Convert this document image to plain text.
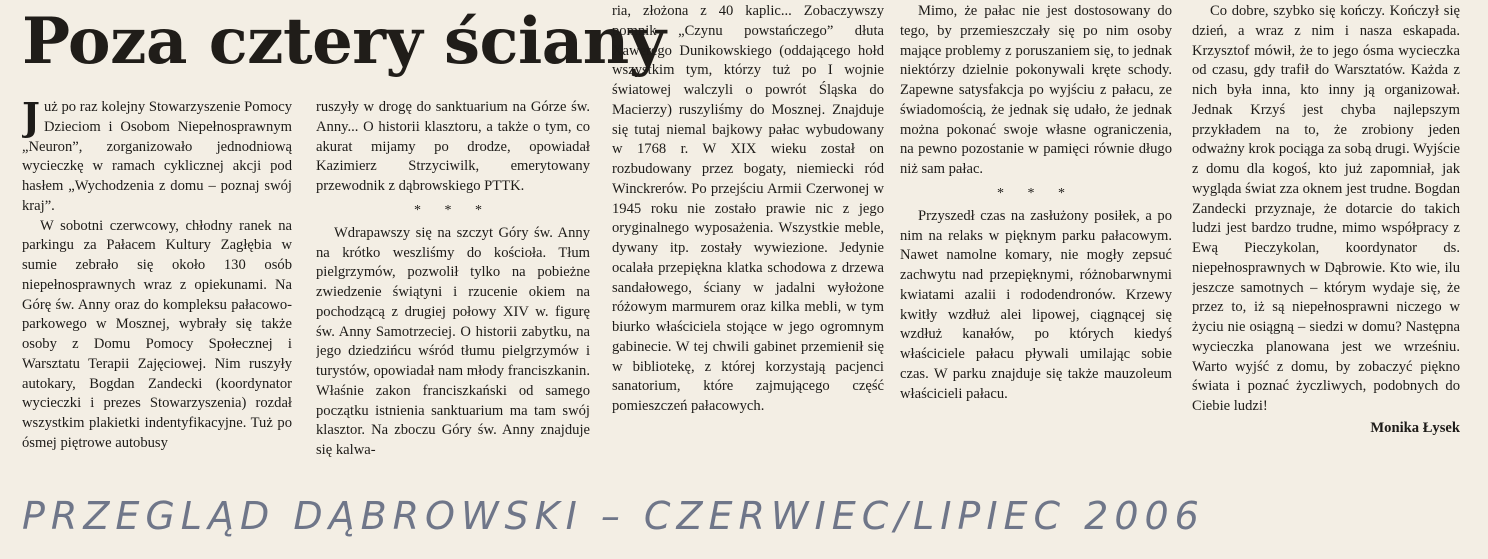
Poza cztery ściany

Już po raz kolejny Stowarzyszenie Pomocy Dzieciom i Osobom Niepełnosprawnym „Neuron”, zorganizowało jednodniową wycieczkę w ramach cyklicznej akcji pod hasłem „Wychodzenia z domu – poznaj swój kraj”.

W sobotni czerwcowy, chłodny ranek na parkingu za Pałacem Kultury Zagłębia w sumie zebrało się około 130 osób niepełnosprawnych wraz z opiekunami. Na Górę św. Anny oraz do kompleksu pałacowo-parkowego w Mosznej, wybrały się także osoby z Domu Pomocy Społecznej i Warsztatu Terapii Zajęciowej. Nim ruszyły autokary, Bogdan Zandecki (koordynator wycieczki i prezes Stowarzyszenia) rozdał wszystkim plakietki indentyfikacyjne. Tuż po ósmej piętrowe autobusy

ruszyły w drogę do sanktuarium na Górze św. Anny... O historii klasztoru, a także o tym, co akurat mijamy po drodze, opowiadał Kazimierz Strzyciwilk, emerytowany przewodnik z dąbrowskiego PTTK.

* * *

Wdrapawszy się na szczyt Góry św. Anny na krótko weszliśmy do kościoła. Tłum pielgrzymów, pozwolił tylko na pobieżne zwiedzenie świątyni i rzucenie okiem na pochodzącą z drugiej połowy XIV w. figurę św. Anny Samotrzeciej. O historii zabytku, na jego dziedzińcu wśród tłumu pielgrzymów i turystów, opowiadał nam młody franciszkanin. Właśnie zakon franciszkański od samego początku istnienia sanktuarium ma tam swój klasztor. Na zboczu Góry św. Anny znajduje się kalwa-

ria, złożona z 40 kaplic... Zobaczywszy pomnik „Czynu powstańczego” dłuta Xawerego Dunikowskiego (oddającego hołd wszystkim tym, którzy tuż po I wojnie światowej walczyli o powrót Śląska do Macierzy) ruszyliśmy do Mosznej. Znajduje się tutaj niemal bajkowy pałac wybudowany w 1768 r. W XIX wieku został on rozbudowany przez bogaty, niemiecki ród Winckrerów. Po przejściu Armii Czerwonej w 1945 roku nie zostało prawie nic z jego oryginalnego wyposażenia. Wszystkie meble, dywany itp. zostały wywiezione. Jedynie ocalała przepiękna klatka schodowa z drzewa sandałowego, ściany w jadalni wyłożone różowym marmurem oraz kilka mebli, w tym biurko właściciela stojące w jego ogromnym gabinecie. W tej chwili gabinet przemienił się w bibliotekę, z której korzystają pacjenci sanatorium, które zajmującego część pomieszczeń pałacowych.

Mimo, że pałac nie jest dostosowany do tego, by przemieszczały się po nim osoby mające problemy z poruszaniem się, to jednak niektórzy dzielnie pokonywali kręte schody. Zapewne satysfakcja po wyjściu z pałacu, ze świadomością, że jednak się udało, że jednak można pokonać swoje własne ograniczenia, na pewno pozostanie w pamięci równie długo niż sam pałac.

* * *

Przyszedł czas na zasłużony posiłek, a po nim na relaks w pięknym parku pałacowym. Nawet namolne komary, nie mogły zepsuć zachwytu nad przepięknymi, różnobarwnymi kwiatami azalii i rododendronów. Krzewy kwitły wzdłuż alei lipowej, ciągnącej się wzdłuż kanałów, po których kiedyś właściciele pałacu pływali umilając sobie czas. W parku znajduje się także mauzoleum właścicieli pałacu.

Co dobre, szybko się kończy. Kończył się dzień, a wraz z nim i nasza eskapada. Krzysztof mówił, że to jego ósma wycieczka od czasu, gdy trafił do Warsztatów. Każda z nich była inna, kto inny ją organizował. Jednak Krzyś jest chyba najlepszym przykładem na to, że zrobiony jeden odważny krok pociąga za sobą drugi. Wyjście z domu dla kogoś, kto już zapomniał, jak wygląda świat zza oknem jest trudne. Bogdan Zandecki przyznaje, że dotarcie do takich ludzi jest bardzo trudne, mimo współpracy z Ewą Pieczykolan, koordynator ds. niepełnosprawnych w Dąbrowie. Kto wie, ilu jeszcze samotnych – którym wydaje się, że przez to, iż są niepełnosprawni niczego w życiu nie osiągną – siedzi w domu? Następna wycieczka planowana jest we wrześniu. Warto wyjść z domu, by zobaczyć piękno świata i poznać życzliwych, podobnych do Ciebie ludzi!

Monika Łysek

PRZEGLĄD DĄBROWSKI – CZERWIEC/LIPIEC 2006
